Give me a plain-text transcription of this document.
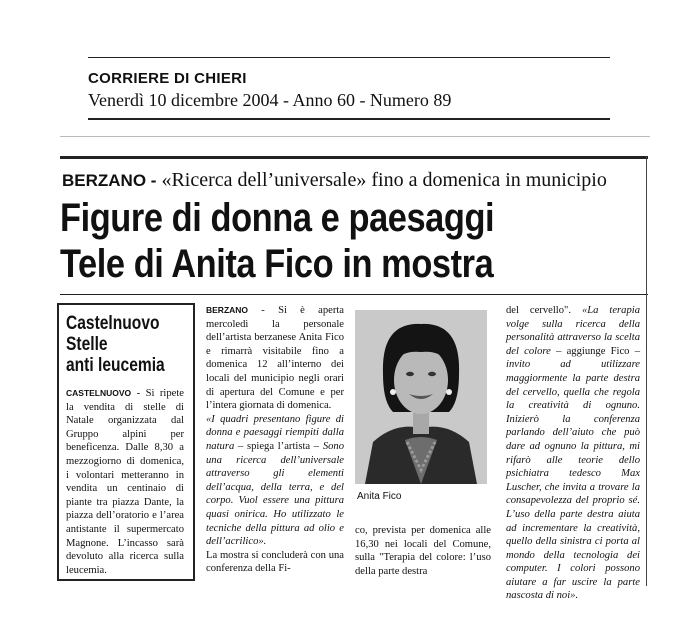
CORRIERE DI CHIERI
Venerdì 10 dicembre 2004 - Anno 60 - Numero 89
BERZANO - «Ricerca dell’universale» fino a domenica in municipio
Figure di donna e paesaggi
Tele di Anita Fico in mostra
Castelnuovo
Stelle
anti leucemia
CASTELNUOVO - Si ripete la vendita di stelle di Natale organizzata dal Gruppo alpini per beneficenza. Dalle 8,30 a mezzogiorno di domenica, i volontari metteranno in vendita un centinaio di piante tra piazza Dante, la piazza dell’oratorio e l’area antistante il supermercato Magnone. L’incasso sarà devoluto alla ricerca sulla leucemia.
BERZANO - Si è aperta mercoledì la personale dell’artista berzanese Anita Fico e rimarrà visitabile fino a domenica 12 all’interno dei locali del municipio negli orari di apertura del Comune e per l’intera giornata di domenica.
«I quadri presentano figure di donna e paesaggi riempiti dalla natura – spiega l’artista – Sono una ricerca dell’universale attraverso gli elementi dell’acqua, della terra, e del corpo. Vuol essere una pittura quasi onirica. Ho utilizzato le tecniche della pittura ad olio e dell’acrilico».
La mostra si concluderà con una conferenza della Fi-
Anita Fico
co, prevista per domenica alle 16,30 nei locali del Comune, sulla "Terapia del colore: l’uso della parte destra
del cervello". «La terapia volge sulla ricerca della personalità attraverso la scelta del colore – aggiunge Fico – invito ad utilizzare maggiormente la parte destra del cervello, quella che regola la creatività di ognuno. Inizierò la conferenza parlando dell’aiuto che può dare ad ognuno la pittura, mi rifarò alle teorie dello psichiatra tedesco Max Luscher, che invita a trovare la consapevolezza del proprio sé. L’uso della parte destra aiuta ad incrementare la creatività, quello della sinistra ci porta al mondo della tecnologia dei computer. I colori possono aiutare a far uscire la parte nascosta di noi».
